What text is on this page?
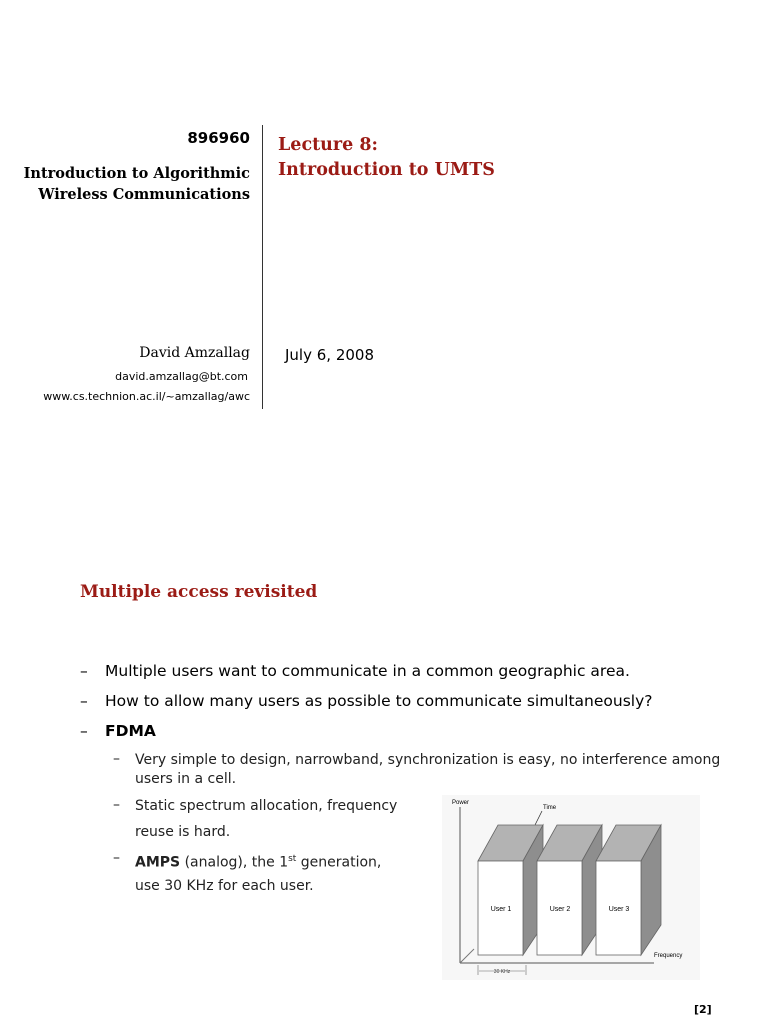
896960
Introduction to Algorithmic
Wireless Communications
Lecture 8:
Introduction to UMTS
David Amzallag
david.amzallag@bt.com
www.cs.technion.ac.il/~amzallag/awc
July 6, 2008
Multiple access revisited
– Multiple users want to communicate in a common geographic area.
– How to allow many users as possible to communicate simultaneously?
– FDMA
– Very simple to design, narrowband, synchronization is easy, no interference among
users in a cell.
– Static spectrum allocation, frequency
reuse is hard.
– AMPS (analog), the 1st generation,
use 30 KHz for each user.
Power
Time
Frequency
User 1	User 2	User 3
30 KHz
[2]
